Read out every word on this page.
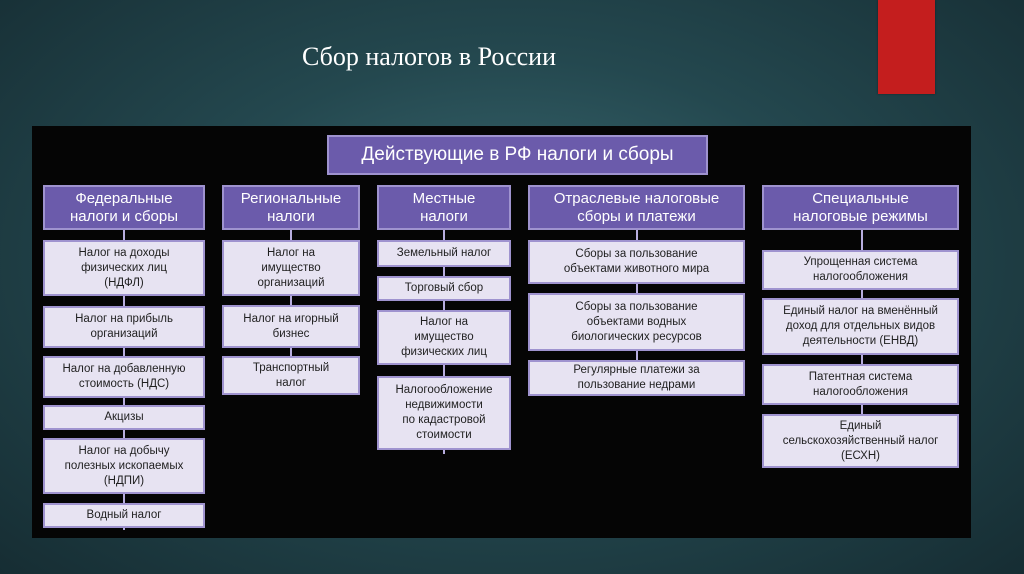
Сбор налогов в России
Действующие в РФ налоги и сборы
Федеральные
налоги и сборы
Региональные
налоги
Местные
налоги
Отраслевые налоговые
сборы и платежи
Специальные
налоговые режимы
Налог на доходы
физических лиц
(НДФЛ)
Налог на прибыль
организаций
Налог на добавленную
стоимость (НДС)
Акцизы
Налог на добычу
полезных ископаемых
(НДПИ)
Водный налог
Налог на
имущество
организаций
Налог на игорный
бизнес
Транспортный
налог
Земельный налог
Торговый сбор
Налог на
имущество
физических лиц
Налогообложение
недвижимости
по кадастровой
стоимости
Сборы за пользование
объектами животного мира
Сборы за пользование
объектами водных
биологических ресурсов
Регулярные платежи за
пользование недрами
Упрощенная система
налогообложения
Единый налог на вменённый
доход для отдельных видов
деятельности (ЕНВД)
Патентная система
налогообложения
Единый
сельскохозяйственный налог
(ЕСХН)
